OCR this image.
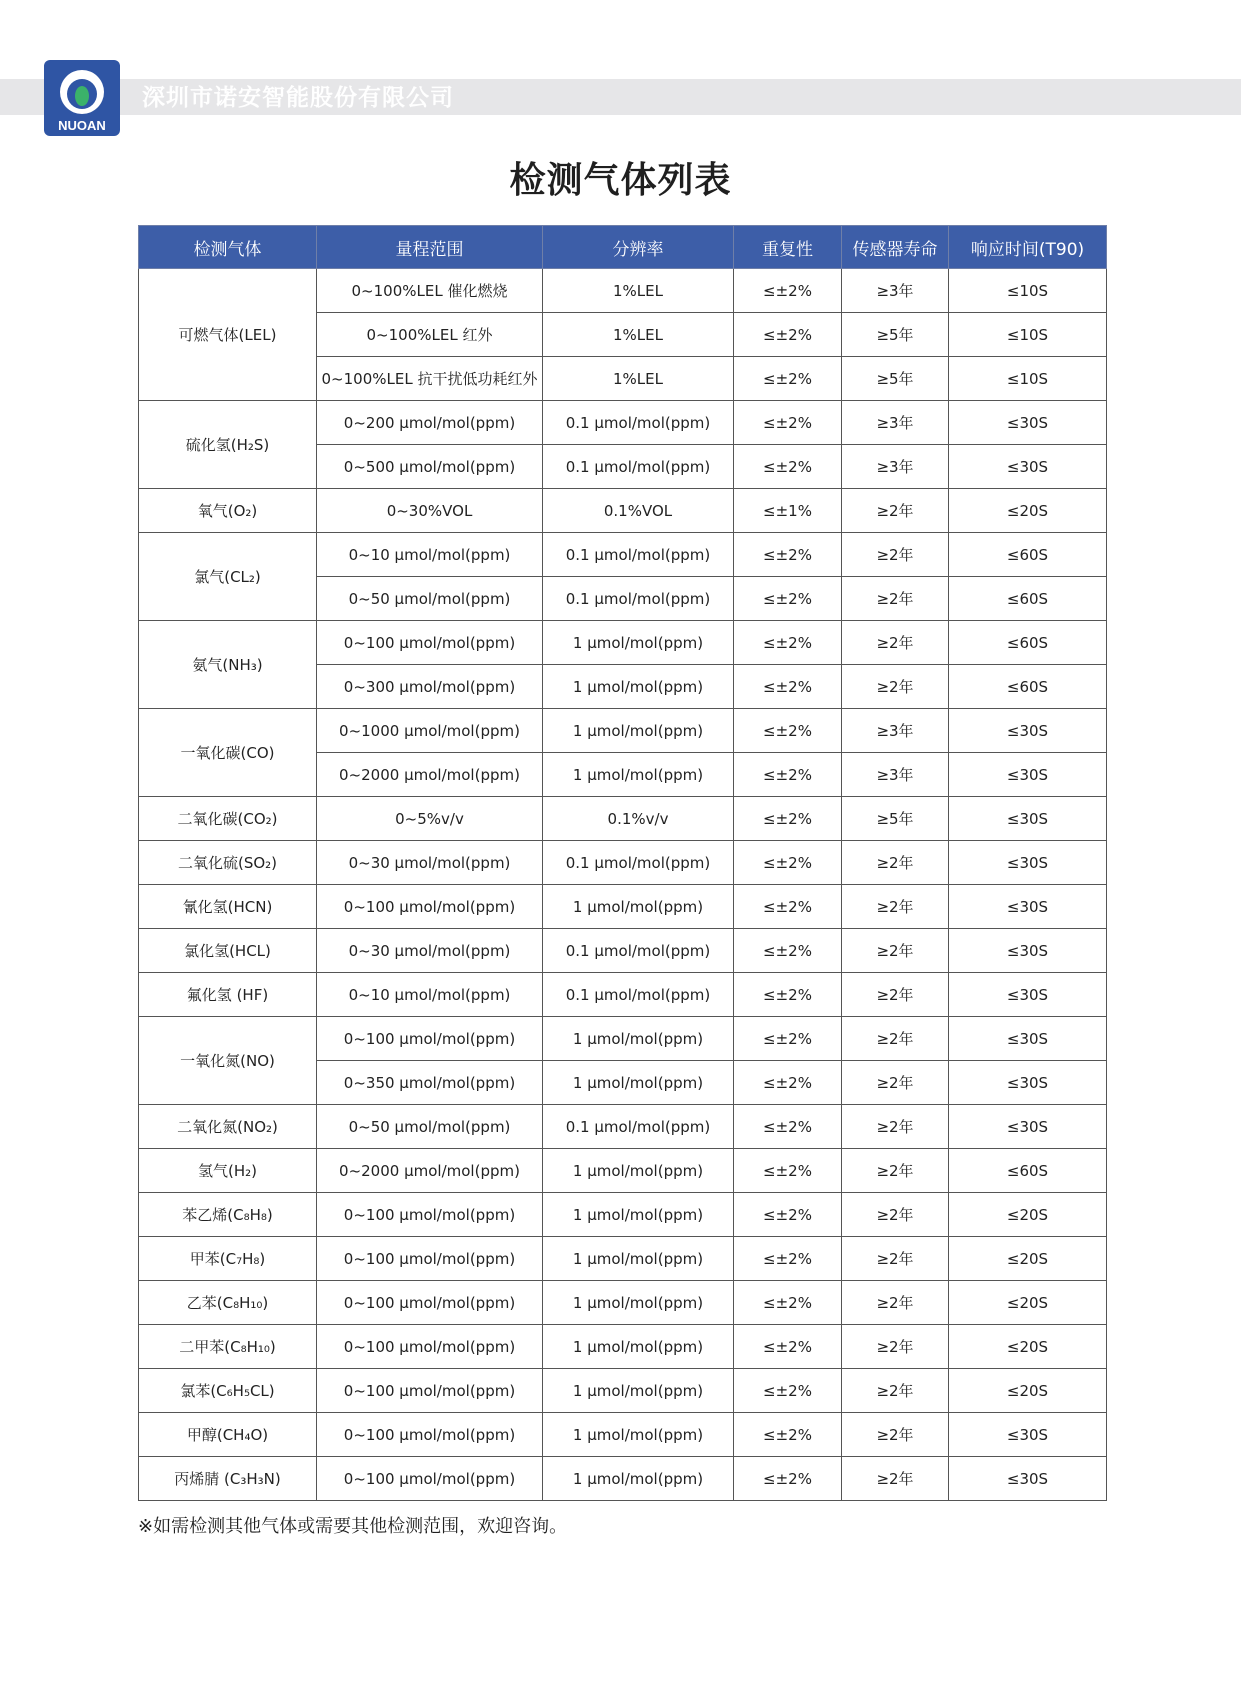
NUOAN
深圳市诺安智能股份有限公司
检测气体列表
检测气体	量程范围	分辨率	重复性	传感器寿命	响应时间(T90)
可燃气体(LEL)	0~100%LEL 催化燃烧	1%LEL	≤±2%	≥3年	≤10S
	0~100%LEL 红外	1%LEL	≤±2%	≥5年	≤10S
	0~100%LEL 抗干扰低功耗红外	1%LEL	≤±2%	≥5年	≤10S
硫化氢(H₂S)	0~200 µmol/mol(ppm)	0.1 µmol/mol(ppm)	≤±2%	≥3年	≤30S
	0~500 µmol/mol(ppm)	0.1 µmol/mol(ppm)	≤±2%	≥3年	≤30S
氧气(O₂)	0~30%VOL	0.1%VOL	≤±1%	≥2年	≤20S
氯气(CL₂)	0~10 µmol/mol(ppm)	0.1 µmol/mol(ppm)	≤±2%	≥2年	≤60S
	0~50 µmol/mol(ppm)	0.1 µmol/mol(ppm)	≤±2%	≥2年	≤60S
氨气(NH₃)	0~100 µmol/mol(ppm)	1 µmol/mol(ppm)	≤±2%	≥2年	≤60S
	0~300 µmol/mol(ppm)	1 µmol/mol(ppm)	≤±2%	≥2年	≤60S
一氧化碳(CO)	0~1000 µmol/mol(ppm)	1 µmol/mol(ppm)	≤±2%	≥3年	≤30S
	0~2000 µmol/mol(ppm)	1 µmol/mol(ppm)	≤±2%	≥3年	≤30S
二氧化碳(CO₂)	0~5%v/v	0.1%v/v	≤±2%	≥5年	≤30S
二氧化硫(SO₂)	0~30 µmol/mol(ppm)	0.1 µmol/mol(ppm)	≤±2%	≥2年	≤30S
氰化氢(HCN)	0~100 µmol/mol(ppm)	1 µmol/mol(ppm)	≤±2%	≥2年	≤30S
氯化氢(HCL)	0~30 µmol/mol(ppm)	0.1 µmol/mol(ppm)	≤±2%	≥2年	≤30S
氟化氢 (HF)	0~10 µmol/mol(ppm)	0.1 µmol/mol(ppm)	≤±2%	≥2年	≤30S
一氧化氮(NO)	0~100 µmol/mol(ppm)	1 µmol/mol(ppm)	≤±2%	≥2年	≤30S
	0~350 µmol/mol(ppm)	1 µmol/mol(ppm)	≤±2%	≥2年	≤30S
二氧化氮(NO₂)	0~50 µmol/mol(ppm)	0.1 µmol/mol(ppm)	≤±2%	≥2年	≤30S
氢气(H₂)	0~2000 µmol/mol(ppm)	1 µmol/mol(ppm)	≤±2%	≥2年	≤60S
苯乙烯(C₈H₈)	0~100 µmol/mol(ppm)	1 µmol/mol(ppm)	≤±2%	≥2年	≤20S
甲苯(C₇H₈)	0~100 µmol/mol(ppm)	1 µmol/mol(ppm)	≤±2%	≥2年	≤20S
乙苯(C₈H₁₀)	0~100 µmol/mol(ppm)	1 µmol/mol(ppm)	≤±2%	≥2年	≤20S
二甲苯(C₈H₁₀)	0~100 µmol/mol(ppm)	1 µmol/mol(ppm)	≤±2%	≥2年	≤20S
氯苯(C₆H₅CL)	0~100 µmol/mol(ppm)	1 µmol/mol(ppm)	≤±2%	≥2年	≤20S
甲醇(CH₄O)	0~100 µmol/mol(ppm)	1 µmol/mol(ppm)	≤±2%	≥2年	≤30S
丙烯腈 (C₃H₃N)	0~100 µmol/mol(ppm)	1 µmol/mol(ppm)	≤±2%	≥2年	≤30S
※如需检测其他气体或需要其他检测范围，欢迎咨询。
